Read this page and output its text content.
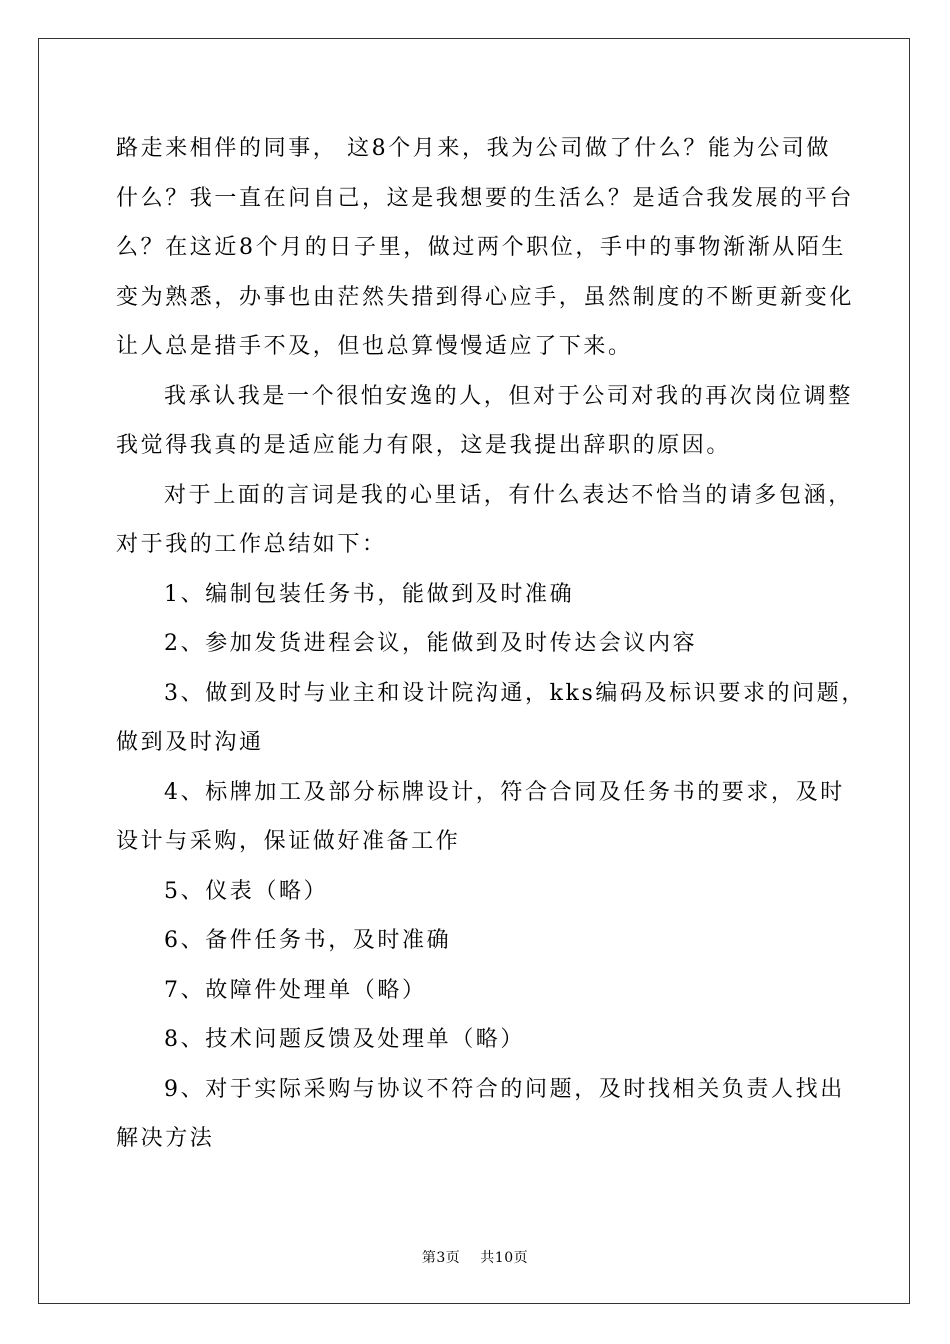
路走来相伴的同事， 这8个月来，我为公司做了什么？能为公司做
什么？我一直在问自己，这是我想要的生活么？是适合我发展的平台
么？在这近8个月的日子里，做过两个职位，手中的事物渐渐从陌生
变为熟悉，办事也由茫然失措到得心应手，虽然制度的不断更新变化
让人总是措手不及，但也总算慢慢适应了下来。

我承认我是一个很怕安逸的人，但对于公司对我的再次岗位调整
我觉得我真的是适应能力有限，这是我提出辞职的原因。

对于上面的言词是我的心里话，有什么表达不恰当的请多包涵，
对于我的工作总结如下：

1、编制包装任务书，能做到及时准确

2、参加发货进程会议，能做到及时传达会议内容

3、做到及时与业主和设计院沟通，kks编码及标识要求的问题，
做到及时沟通

4、标牌加工及部分标牌设计，符合合同及任务书的要求，及时
设计与采购，保证做好准备工作

5、仪表（略）

6、备件任务书，及时准确

7、故障件处理单（略）

8、技术问题反馈及处理单（略）

9、对于实际采购与协议不符合的问题，及时找相关负责人找出
解决方法

第3页 共10页
